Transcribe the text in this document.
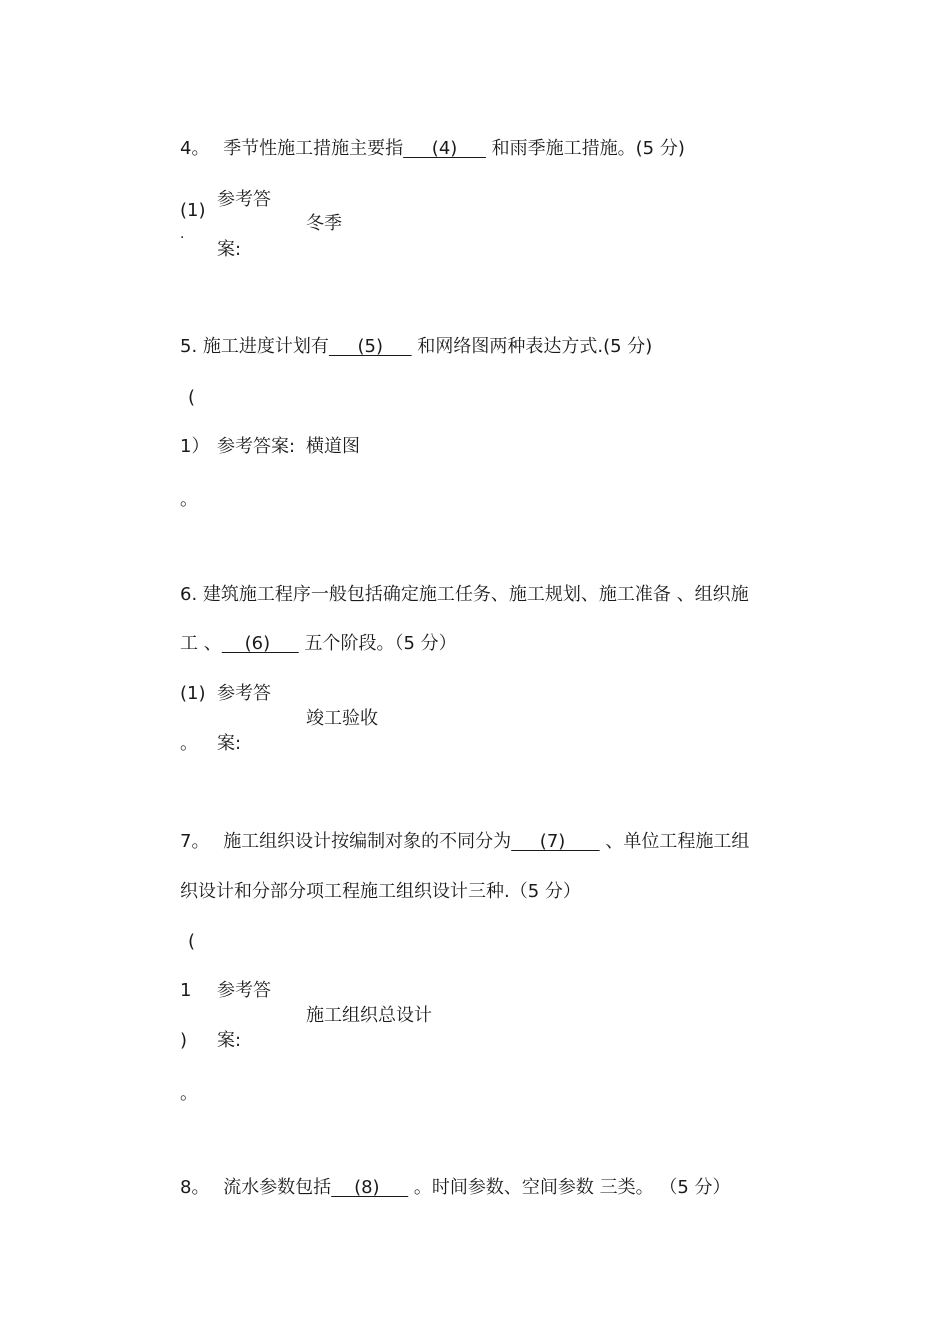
4。 季节性施工措施主要指     (4)      和雨季施工措施。(5 分)
(1)
·
参考答
案:
冬季
5. 施工进度计划有     (5)      和网络图两种表达方式.(5 分)
(
1） 参考答案: 横道图
。
6. 建筑施工程序一般包括确定施工任务、施工规划、施工准备 、组织施
工 、    (6)      五个阶段。（5 分）
(1)
。
参考答
案:
竣工验收
7。 施工组织设计按编制对象的不同分为     (7)       、单位工程施工组
织设计和分部分项工程施工组织设计三种.（5 分）
(
1
)
。
参考答
案:
施工组织总设计
8。 流水参数包括    (8)      。时间参数、空间参数 三类。 （5 分）
